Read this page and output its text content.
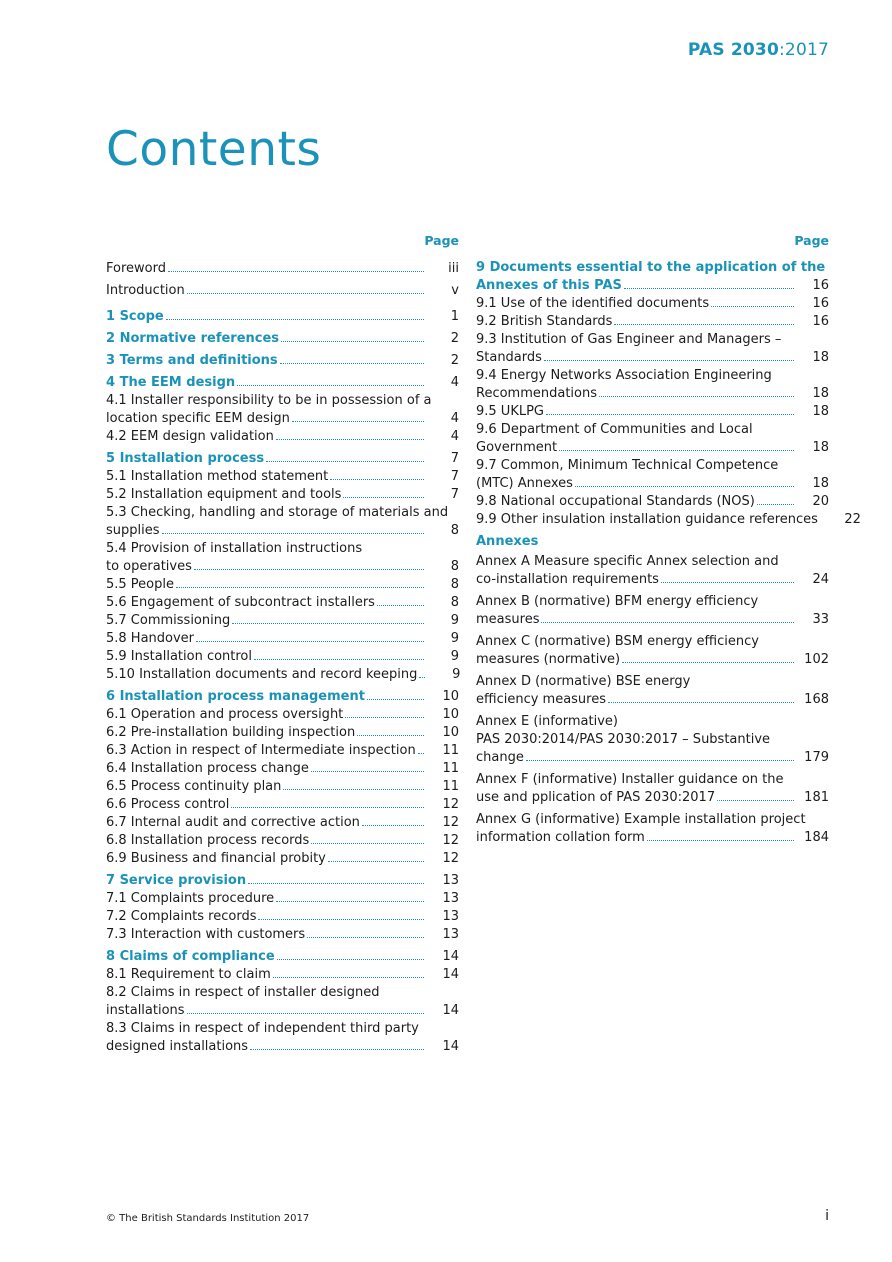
PAS 2030:2017
Contents
Page
Foreword	iii
Introduction	v
1 Scope	1
2 Normative references	2
3 Terms and definitions	2
4 The EEM design	4
4.1 Installer responsibility to be in possession of a
location specific EEM design	4
4.2 EEM design validation	4
5 Installation process	7
5.1 Installation method statement	7
5.2 Installation equipment and tools	7
5.3 Checking, handling and storage of materials and
supplies	8
5.4 Provision of installation instructions
to operatives	8
5.5 People	8
5.6 Engagement of subcontract installers	8
5.7 Commissioning	9
5.8 Handover	9
5.9 Installation control	9
5.10 Installation documents and record keeping	9
6 Installation process management	10
6.1 Operation and process oversight	10
6.2 Pre-installation building inspection	10
6.3 Action in respect of Intermediate inspection	11
6.4 Installation process change	11
6.5 Process continuity plan	11
6.6 Process control	12
6.7 Internal audit and corrective action	12
6.8 Installation process records	12
6.9 Business and financial probity	12
7 Service provision	13
7.1 Complaints procedure	13
7.2 Complaints records	13
7.3 Interaction with customers	13
8 Claims of compliance	14
8.1 Requirement to claim	14
8.2 Claims in respect of installer designed
installations	14
8.3 Claims in respect of independent third party
designed installations	14
Page
9 Documents essential to the application of the
Annexes of this PAS	16
9.1 Use of the identified documents	16
9.2 British Standards	16
9.3 Institution of Gas Engineer and Managers –
Standards	18
9.4 Energy Networks Association Engineering
Recommendations	18
9.5 UKLPG	18
9.6 Department of Communities and Local
Government	18
9.7 Common, Minimum Technical Competence
(MTC) Annexes	18
9.8 National occupational Standards (NOS)	20
9.9 Other insulation installation guidance references	22
Annexes
Annex A Measure specific Annex selection and
co-installation requirements	24
Annex B (normative) BFM energy efficiency
measures	33
Annex C (normative) BSM energy efficiency
measures (normative)	102
Annex D (normative) BSE energy
efficiency measures	168
Annex E (informative)
PAS 2030:2014/PAS 2030:2017 – Substantive
change	179
Annex F (informative) Installer guidance on the
use and pplication of PAS 2030:2017	181
Annex G (informative) Example installation project
information collation form	184
© The British Standards Institution 2017	i
